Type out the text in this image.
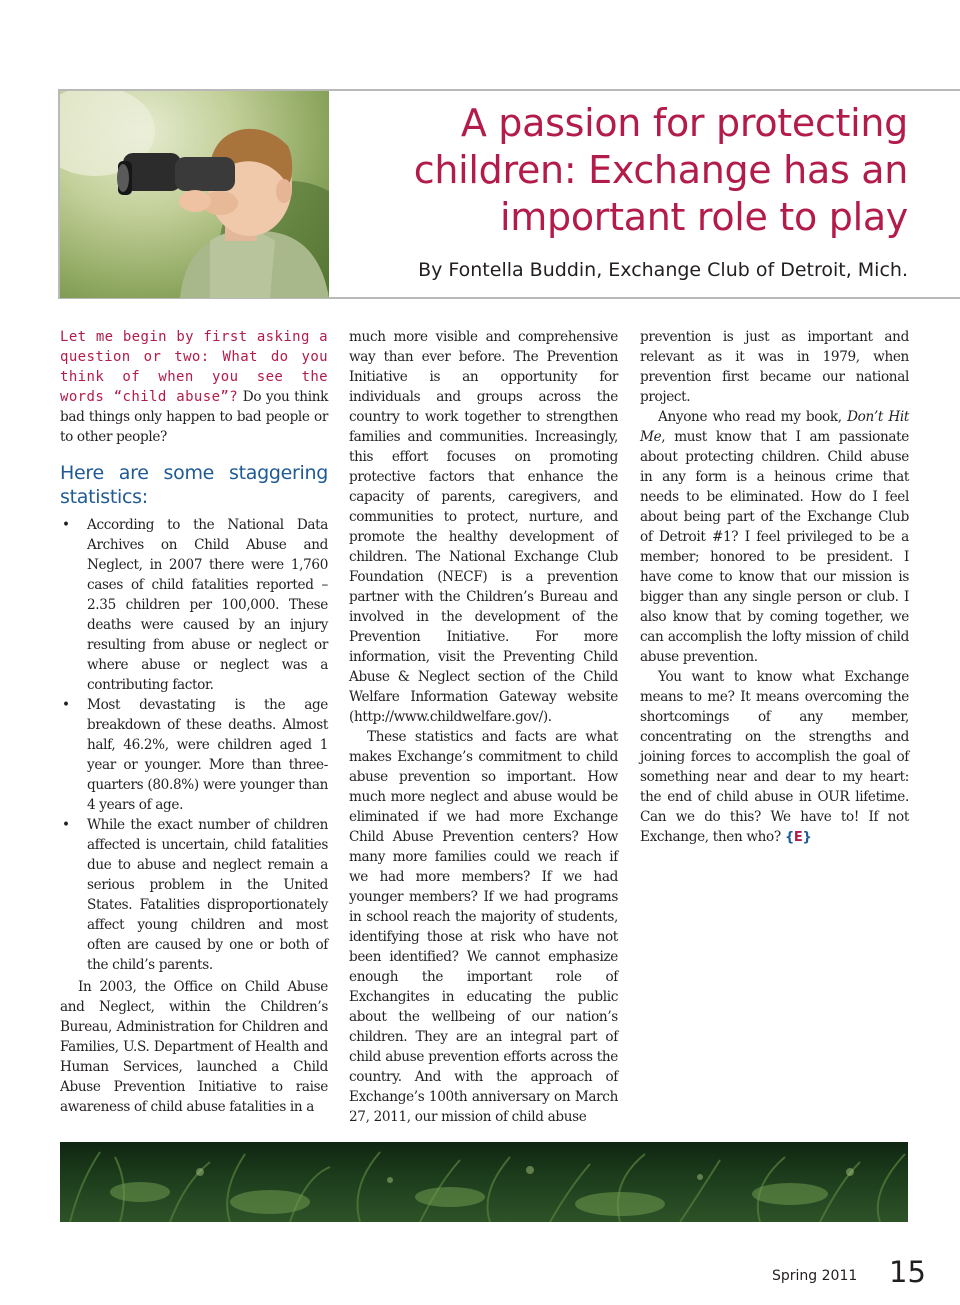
A passion for protecting children: Exchange has an important role to play

By Fontella Buddin, Exchange Club of Detroit, Mich.

Let me begin by first asking a question or two: What do you think of when you see the words “child abuse”? Do you think bad things only happen to bad people or to other people?

Here are some staggering statistics:
• According to the National Data Archives on Child Abuse and Neglect, in 2007 there were 1,760 cases of child fatalities reported – 2.35 children per 100,000. These deaths were caused by an injury resulting from abuse or neglect or where abuse or neglect was a contributing factor.
• Most devastating is the age breakdown of these deaths. Almost half, 46.2%, were children aged 1 year or younger. More than three-quarters (80.8%) were younger than 4 years of age.
• While the exact number of children affected is uncertain, child fatalities due to abuse and neglect remain a serious problem in the United States. Fatalities disproportionately affect young children and most often are caused by one or both of the child’s parents.

In 2003, the Office on Child Abuse and Neglect, within the Children’s Bureau, Administration for Children and Families, U.S. Department of Health and Human Services, launched a Child Abuse Prevention Initiative to raise awareness of child abuse fatalities in a

much more visible and comprehensive way than ever before. The Prevention Initiative is an opportunity for individuals and groups across the country to work together to strengthen families and communities. Increasingly, this effort focuses on promoting protective factors that enhance the capacity of parents, caregivers, and communities to protect, nurture, and promote the healthy development of children. The National Exchange Club Foundation (NECF) is a prevention partner with the Children’s Bureau and involved in the development of the Prevention Initiative. For more information, visit the Preventing Child Abuse & Neglect section of the Child Welfare Information Gateway website (http://www.childwelfare.gov/).

These statistics and facts are what makes Exchange’s commitment to child abuse prevention so important. How much more neglect and abuse would be eliminated if we had more Exchange Child Abuse Prevention centers? How many more families could we reach if we had more members? If we had younger members? If we had programs in school reach the majority of students, identifying those at risk who have not been identified? We cannot emphasize enough the important role of Exchangites in educating the public about the wellbeing of our nation’s children. They are an integral part of child abuse prevention efforts across the country. And with the approach of Exchange’s 100th anniversary on March 27, 2011, our mission of child abuse

prevention is just as important and relevant as it was in 1979, when prevention first became our national project.

Anyone who read my book, Don’t Hit Me, must know that I am passionate about protecting children. Child abuse in any form is a heinous crime that needs to be eliminated. How do I feel about being part of the Exchange Club of Detroit #1? I feel privileged to be a member; honored to be president. I have come to know that our mission is bigger than any single person or club. I also know that by coming together, we can accomplish the lofty mission of child abuse prevention.

You want to know what Exchange means to me? It means overcoming the shortcomings of any member, concentrating on the strengths and joining forces to accomplish the goal of something near and dear to my heart: the end of child abuse in OUR lifetime. Can we do this? We have to! If not Exchange, then who? {E}

Spring 2011 15
